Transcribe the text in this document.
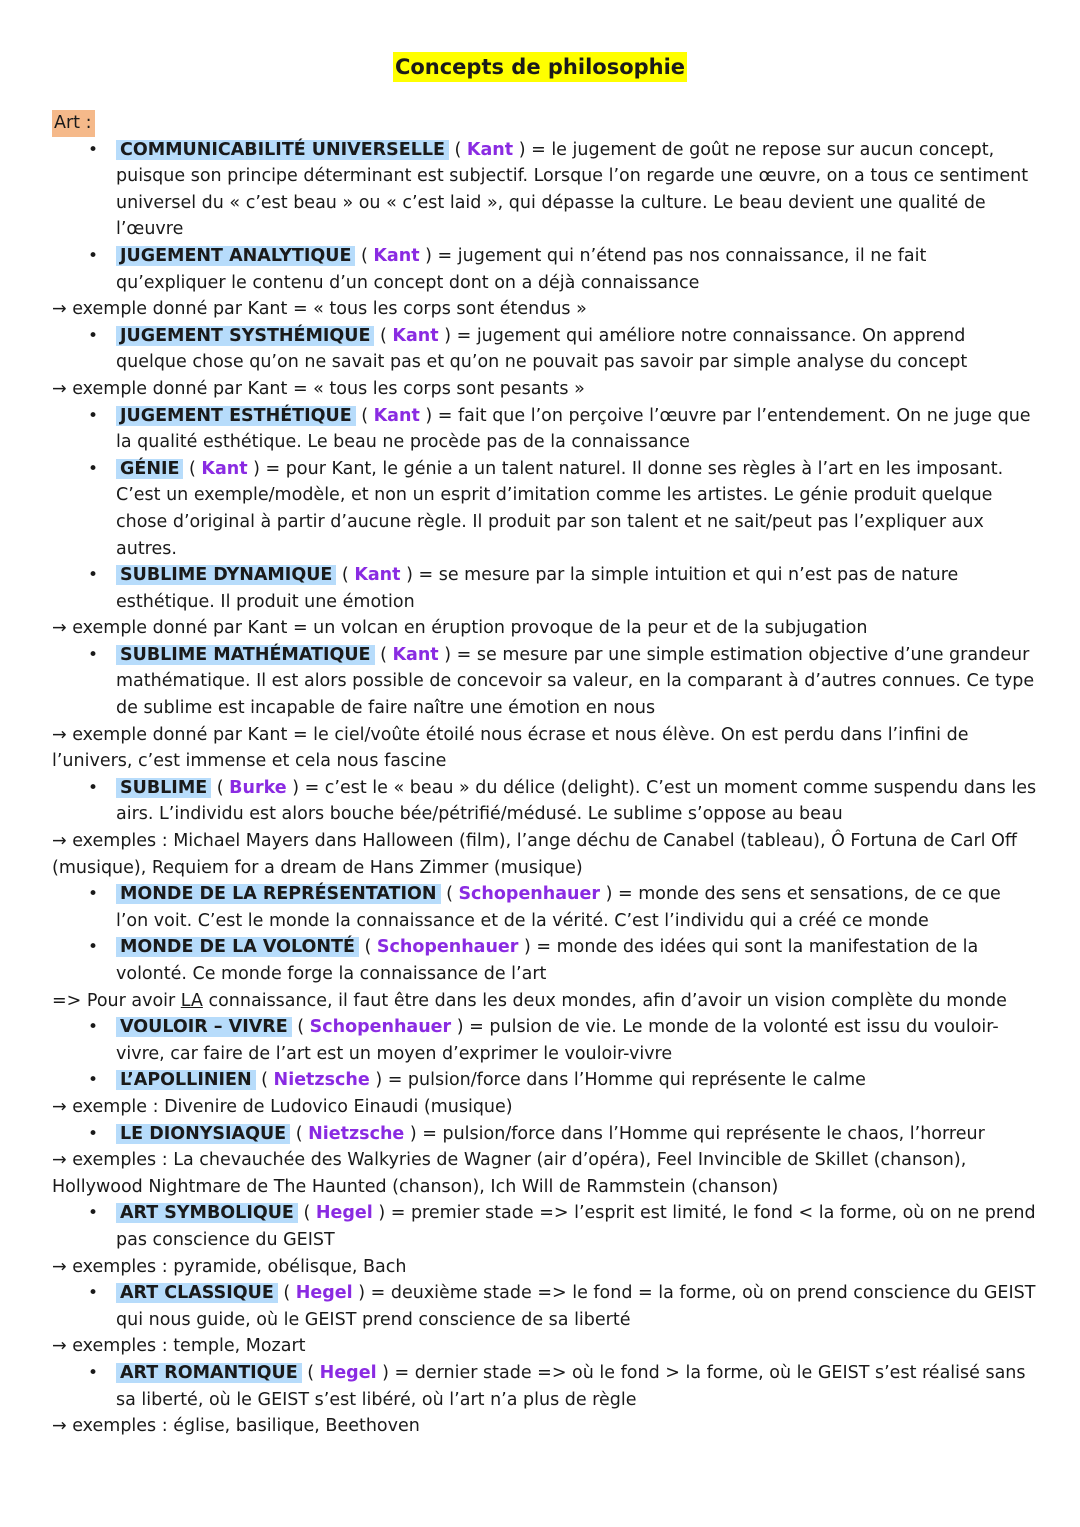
Concepts de philosophie
Art :
• COMMUNICABILITÉ UNIVERSELLE ( Kant ) = le jugement de goût ne repose sur aucun concept, puisque son principe déterminant est subjectif. Lorsque l’on regarde une œuvre, on a tous ce sentiment universel du « c’est beau » ou « c’est laid », qui dépasse la culture. Le beau devient une qualité de l’œuvre
• JUGEMENT ANALYTIQUE ( Kant ) = jugement qui n’étend pas nos connaissance, il ne fait qu’expliquer le contenu d’un concept dont on a déjà connaissance
→ exemple donné par Kant = « tous les corps sont étendus »
• JUGEMENT SYSTHÉMIQUE ( Kant ) = jugement qui améliore notre connaissance. On apprend quelque chose qu’on ne savait pas et qu’on ne pouvait pas savoir par simple analyse du concept
→ exemple donné par Kant = « tous les corps sont pesants »
• JUGEMENT ESTHÉTIQUE ( Kant ) = fait que l’on perçoive l’œuvre par l’entendement. On ne juge que la qualité esthétique. Le beau ne procède pas de la connaissance
• GÉNIE ( Kant ) = pour Kant, le génie a un talent naturel. Il donne ses règles à l’art en les imposant. C’est un exemple/modèle, et non un esprit d’imitation comme les artistes. Le génie produit quelque chose d’original à partir d’aucune règle. Il produit par son talent et ne sait/peut pas l’expliquer aux autres.
• SUBLIME DYNAMIQUE ( Kant ) = se mesure par la simple intuition et qui n’est pas de nature esthétique. Il produit une émotion
→ exemple donné par Kant = un volcan en éruption provoque de la peur et de la subjugation
• SUBLIME MATHÉMATIQUE ( Kant ) = se mesure par une simple estimation objective d’une grandeur mathématique. Il est alors possible de concevoir sa valeur, en la comparant à d’autres connues. Ce type de sublime est incapable de faire naître une émotion en nous
→ exemple donné par Kant = le ciel/voûte étoilé nous écrase et nous élève. On est perdu dans l’infini de l’univers, c’est immense et cela nous fascine
• SUBLIME ( Burke ) = c’est le « beau » du délice (delight). C’est un moment comme suspendu dans les airs. L’individu est alors bouche bée/pétrifié/médusé. Le sublime s’oppose au beau
→ exemples : Michael Mayers dans Halloween (film), l’ange déchu de Canabel (tableau), Ô Fortuna de Carl Off (musique), Requiem for a dream de Hans Zimmer (musique)
• MONDE DE LA REPRÉSENTATION ( Schopenhauer ) = monde des sens et sensations, de ce que l’on voit. C’est le monde la connaissance et de la vérité. C’est l’individu qui a créé ce monde
• MONDE DE LA VOLONTÉ ( Schopenhauer ) = monde des idées qui sont la manifestation de la volonté. Ce monde forge la connaissance de l’art
=> Pour avoir LA connaissance, il faut être dans les deux mondes, afin d’avoir un vision complète du monde
• VOULOIR – VIVRE ( Schopenhauer ) = pulsion de vie. Le monde de la volonté est issu du vouloir-vivre, car faire de l’art est un moyen d’exprimer le vouloir-vivre
• L’APOLLINIEN ( Nietzsche ) = pulsion/force dans l’Homme qui représente le calme
→ exemple : Divenire de Ludovico Einaudi (musique)
• LE DIONYSIAQUE ( Nietzsche ) = pulsion/force dans l’Homme qui représente le chaos, l’horreur
→ exemples : La chevauchée des Walkyries de Wagner (air d’opéra), Feel Invincible de Skillet (chanson), Hollywood Nightmare de The Haunted (chanson), Ich Will de Rammstein (chanson)
• ART SYMBOLIQUE ( Hegel ) = premier stade => l’esprit est limité, le fond < la forme, où on ne prend pas conscience du GEIST
→ exemples : pyramide, obélisque, Bach
• ART CLASSIQUE ( Hegel ) = deuxième stade => le fond = la forme, où on prend conscience du GEIST qui nous guide, où le GEIST prend conscience de sa liberté
→ exemples : temple, Mozart
• ART ROMANTIQUE ( Hegel ) = dernier stade => où le fond > la forme, où le GEIST s’est réalisé sans sa liberté, où le GEIST s’est libéré, où l’art n’a plus de règle
→ exemples : église, basilique, Beethoven
